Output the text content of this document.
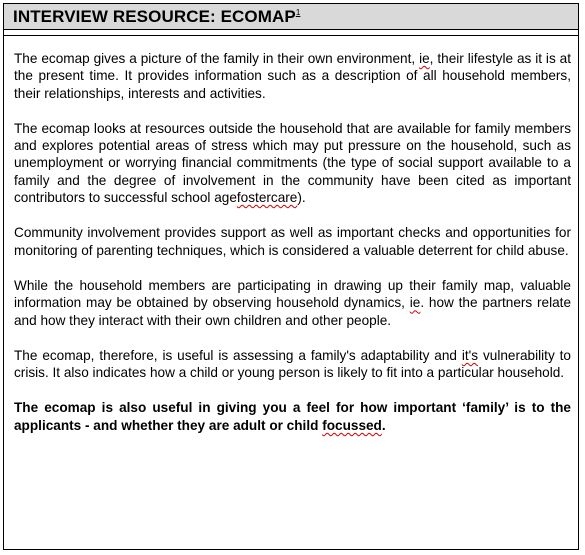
INTERVIEW RESOURCE: ECOMAP$^1$

The ecomap gives a picture of the family in their own environment, ie, their lifestyle as it is at the present time. It provides information such as a description of all household members, their relationships, interests and activities.

The ecomap looks at resources outside the household that are available for family members and explores potential areas of stress which may put pressure on the household, such as unemployment or worrying financial commitments (the type of social support available to a family and the degree of involvement in the community have been cited as important contributors to successful school agefostercare).

Community involvement provides support as well as important checks and opportunities for monitoring of parenting techniques, which is considered a valuable deterrent for child abuse.

While the household members are participating in drawing up their family map, valuable information may be obtained by observing household dynamics, ie. how the partners relate and how they interact with their own children and other people.

The ecomap, therefore, is useful is assessing a family's adaptability and it's vulnerability to crisis. It also indicates how a child or young person is likely to fit into a particular household.

The ecomap is also useful in giving you a feel for how important ‘family’ is to the applicants - and whether they are adult or child focussed.
